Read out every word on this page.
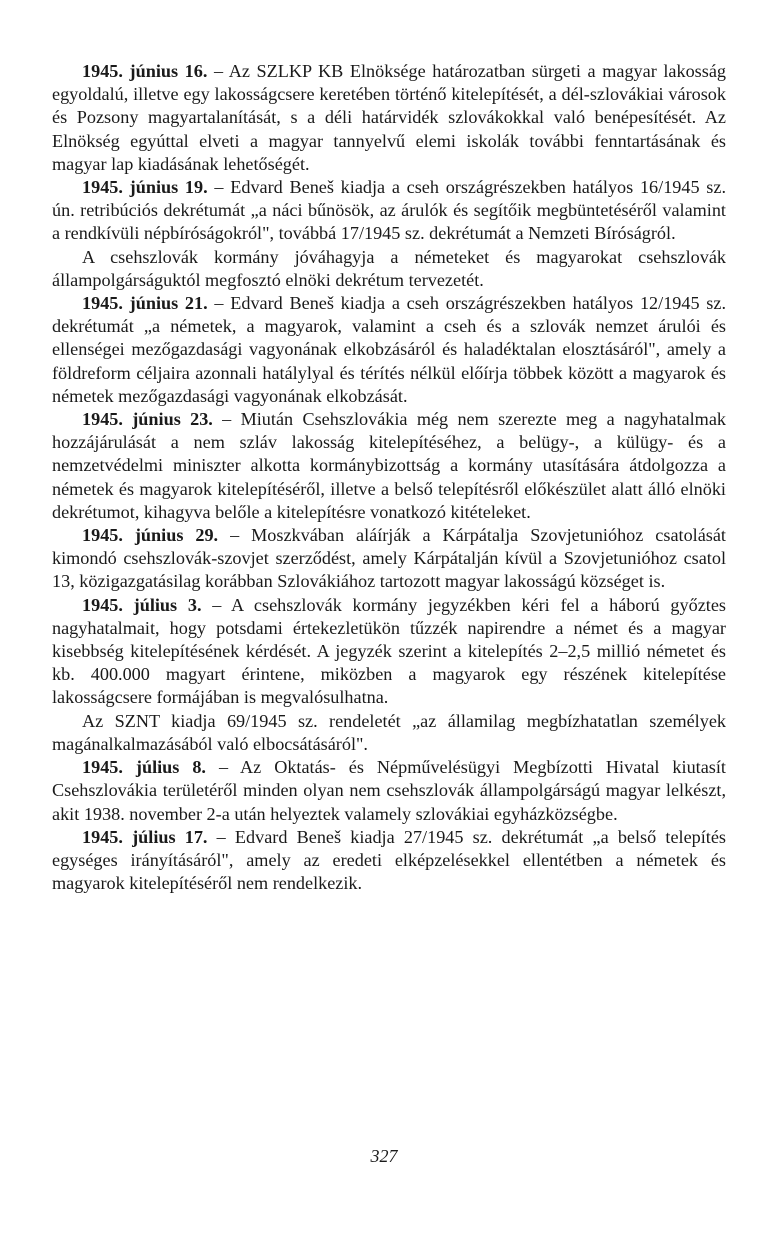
1945. június 16. – Az SZLKP KB Elnöksége határozatban sürgeti a magyar lakosság egyoldalú, illetve egy lakosságcsere keretében történő kitelepítését, a dél-szlovákiai városok és Pozsony magyartalanítását, s a déli határvidék szlovákokkal való benépesítését. Az Elnökség egyúttal elveti a magyar tannyelvű elemi iskolák további fenntartásának és magyar lap kiadásának lehetőségét.

1945. június 19. – Edvard Beneš kiadja a cseh országrészekben hatályos 16/1945 sz. ún. retribúciós dekrétumát „a náci bűnösök, az árulók és segítőik megbüntetéséről valamint a rendkívüli népbíróságokról", továbbá 17/1945 sz. dekrétumát a Nemzeti Bíróságról.

A csehszlovák kormány jóváhagyja a németeket és magyarokat csehszlovák állampolgárságuktól megfosztó elnöki dekrétum tervezetét.

1945. június 21. – Edvard Beneš kiadja a cseh országrészekben hatályos 12/1945 sz. dekrétumát „a németek, a magyarok, valamint a cseh és a szlovák nemzet árulói és ellenségei mezőgazdasági vagyonának elkobzásáról és haladéktalan elosztásáról", amely a földreform céljaira azonnali hatálylyal és térítés nélkül előírja többek között a magyarok és németek mezőgazdasági vagyonának elkobzását.

1945. június 23. – Miután Csehszlovákia még nem szerezte meg a nagyhatalmak hozzájárulását a nem szláv lakosság kitelepítéséhez, a belügy-, a külügy- és a nemzetvédelmi miniszter alkotta kormánybizottság a kormány utasítására átdolgozza a németek és magyarok kitelepítéséről, illetve a belső telepítésről előkészület alatt álló elnöki dekrétumot, kihagyva belőle a kitelepítésre vonatkozó kitételeket.

1945. június 29. – Moszkvában aláírják a Kárpátalja Szovjetunióhoz csatolását kimondó csehszlovák-szovjet szerződést, amely Kárpátalján kívül a Szovjetunióhoz csatol 13, közigazgatásilag korábban Szlovákiához tartozott magyar lakosságú községet is.

1945. július 3. – A csehszlovák kormány jegyzékben kéri fel a háború győztes nagyhatalmait, hogy potsdami értekezletükön tűzzék napirendre a német és a magyar kisebbség kitelepítésének kérdését. A jegyzék szerint a kitelepítés 2–2,5 millió németet és kb. 400.000 magyart érintene, miközben a magyarok egy részének kitelepítése lakosságcsere formájában is megvalósulhatna.

Az SZNT kiadja 69/1945 sz. rendeletét „az államilag megbízhatatlan személyek magánalkalmazásából való elbocsátásáról".

1945. július 8. – Az Oktatás- és Népművelésügyi Megbízotti Hivatal kiutasít Csehszlovákia területéről minden olyan nem csehszlovák állampolgárságú magyar lelkészt, akit 1938. november 2-a után helyeztek valamely szlovákiai egyházközségbe.

1945. július 17. – Edvard Beneš kiadja 27/1945 sz. dekrétumát „a belső telepítés egységes irányításáról", amely az eredeti elképzelésekkel ellentétben a németek és magyarok kitelepítéséről nem rendelkezik.

327
